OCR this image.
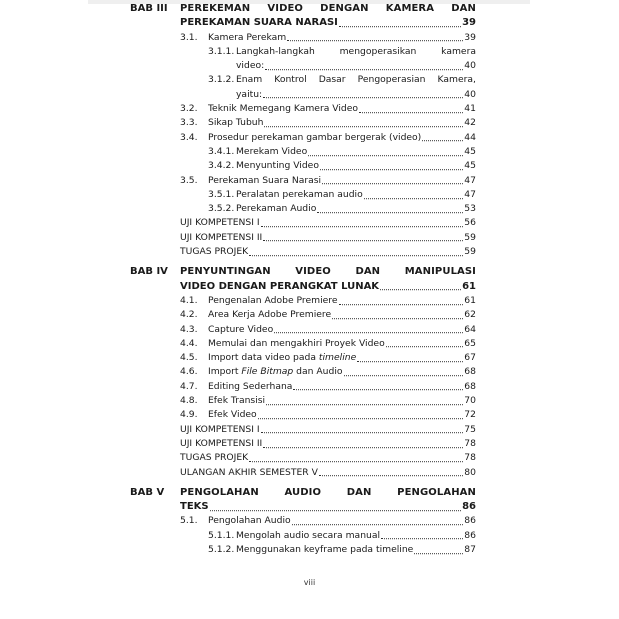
BAB III	PEREKEMAN VIDEO DENGAN KAMERA DAN
PEREKAMAN SUARA NARASI	39
3.1.	Kamera Perekam	39
3.1.1. Langkah-langkah	mengoperasikan	kamera
video:	40
3.1.2. Enam Kontrol Dasar Pengoperasian Kamera,
yaitu:	40
3.2.	Teknik Memegang Kamera Video	41
3.3.	Sikap Tubuh	42
3.4.	Prosedur perekaman gambar bergerak (video)	44
3.4.1. Merekam Video	45
3.4.2. Menyunting Video	45
3.5.	Perekaman Suara Narasi	47
3.5.1. Peralatan perekaman audio	47
3.5.2. Perekaman Audio	53
UJI KOMPETENSI I	56
UJI KOMPETENSI II	59
TUGAS PROJEK	59
BAB IV	PENYUNTINGAN VIDEO DAN MANIPULASI
VIDEO DENGAN PERANGKAT LUNAK	61
4.1.	Pengenalan Adobe Premiere	61
4.2.	Area Kerja Adobe Premiere	62
4.3.	Capture Video	64
4.4.	Memulai dan mengakhiri Proyek Video	65
4.5.	Import data video pada timeline	67
4.6.	Import File Bitmap dan Audio	68
4.7.	Editing Sederhana	68
4.8.	Efek Transisi	70
4.9.	Efek Video	72
UJI KOMPETENSI I	75
UJI KOMPETENSI II	78
TUGAS PROJEK	78
ULANGAN AKHIR SEMESTER V	80
BAB V	PENGOLAHAN	AUDIO	DAN	PENGOLAHAN
TEKS	86
5.1.	Pengolahan Audio	86
5.1.1. Mengolah audio secara manual	86
5.1.2. Menggunakan keyframe pada timeline	87
viii
